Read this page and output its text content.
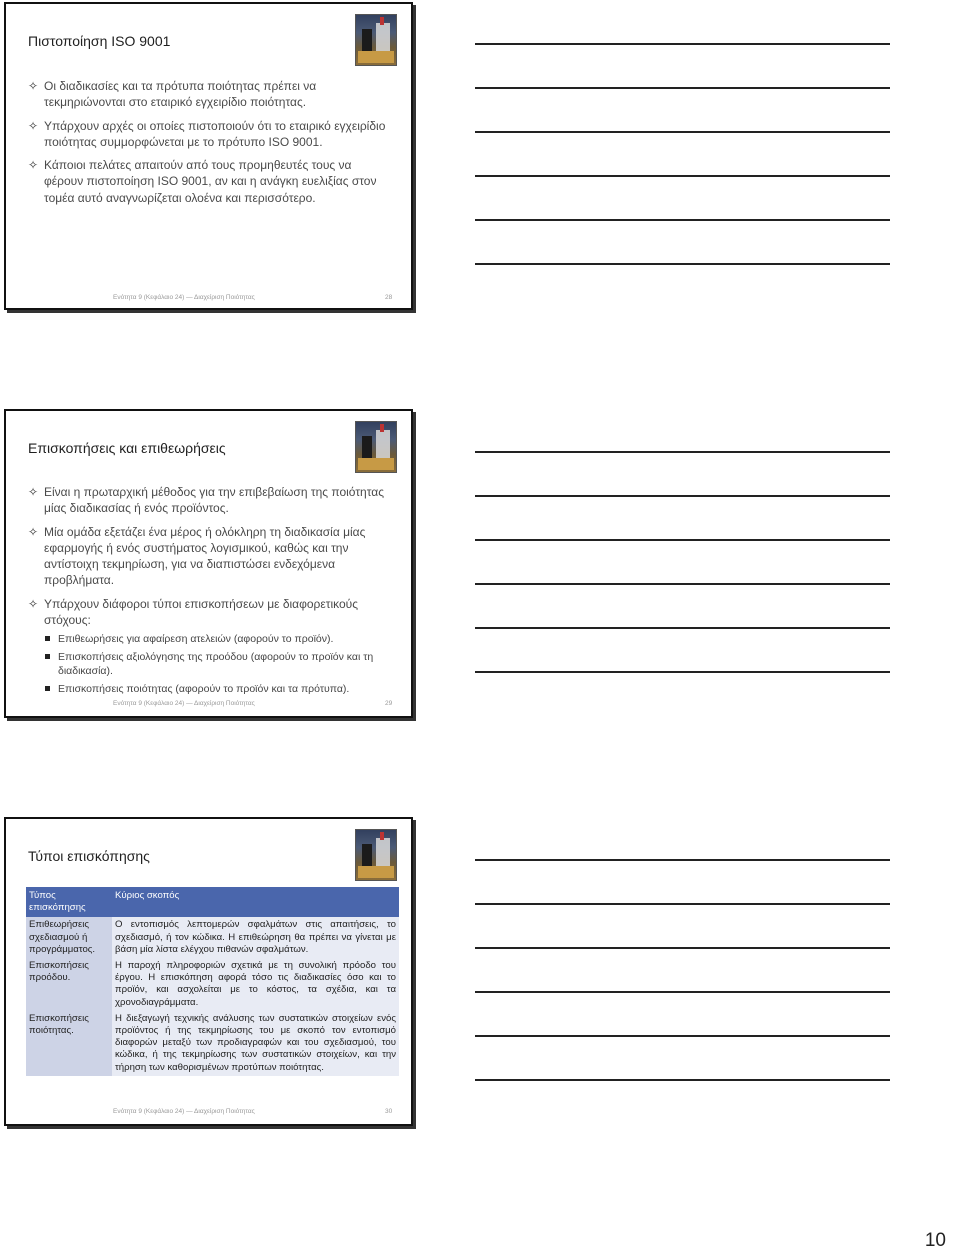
Πιστοποίηση ISO 9001
✧ Οι διαδικασίες και τα πρότυπα ποιότητας πρέπει να τεκμηριώνονται στο εταιρικό εγχειρίδιο ποιότητας.
✧ Υπάρχουν αρχές οι οποίες πιστοποιούν ότι το εταιρικό εγχειρίδιο ποιότητας συμμορφώνεται με το πρότυπο ISO 9001.
✧ Κάποιοι πελάτες απαιτούν από τους προμηθευτές τους να φέρουν πιστοποίηση ISO 9001, αν και η ανάγκη ευελιξίας στον τομέα αυτό αναγνωρίζεται ολοένα και περισσότερο.
Ενότητα 9 (Κεφάλαιο 24) — Διαχείριση Ποιότητας	28
Επισκοπήσεις και επιθεωρήσεις
✧ Είναι η πρωταρχική μέθοδος για την επιβεβαίωση της ποιότητας μίας διαδικασίας ή ενός προϊόντος.
✧ Μία ομάδα εξετάζει ένα μέρος ή ολόκληρη τη διαδικασία μίας εφαρμογής ή ενός συστήματος λογισμικού, καθώς και την αντίστοιχη τεκμηρίωση, για να διαπιστώσει ενδεχόμενα προβλήματα.
✧ Υπάρχουν διάφοροι τύποι επισκοπήσεων με διαφορετικούς στόχους:
Επιθεωρήσεις για αφαίρεση ατελειών (αφορούν το προϊόν).
Επισκοπήσεις αξιολόγησης της προόδου (αφορούν το προϊόν και τη διαδικασία).
Επισκοπήσεις ποιότητας (αφορούν το προϊόν και τα πρότυπα).
Ενότητα 9 (Κεφάλαιο 24) — Διαχείριση Ποιότητας	29
Τύποι επισκόπησης
Τύπος επισκόπησης	Κύριος σκοπός
Επιθεωρήσεις σχεδιασμού ή προγράμματος.	Ο εντοπισμός λεπτομερών σφαλμάτων στις απαιτήσεις, το σχεδιασμό, ή τον κώδικα. Η επιθεώρηση θα πρέπει να γίνεται με βάση μία λίστα ελέγχου πιθανών σφαλμάτων.
Επισκοπήσεις προόδου.	Η παροχή πληροφοριών σχετικά με τη συνολική πρόοδο του έργου. Η επισκόπηση αφορά τόσο τις διαδικασίες όσο και το προϊόν, και ασχολείται με το κόστος, τα σχέδια, και τα χρονοδιαγράμματα.
Επισκοπήσεις ποιότητας.	Η διεξαγωγή τεχνικής ανάλυσης των συστατικών στοιχείων ενός προϊόντος ή της τεκμηρίωσης του με σκοπό τον εντοπισμό διαφορών μεταξύ των προδιαγραφών και του σχεδιασμού, του κώδικα, ή της τεκμηρίωσης των συστατικών στοιχείων, και την τήρηση των καθορισμένων προτύπων ποιότητας.
Ενότητα 9 (Κεφάλαιο 24) — Διαχείριση Ποιότητας	30
10
